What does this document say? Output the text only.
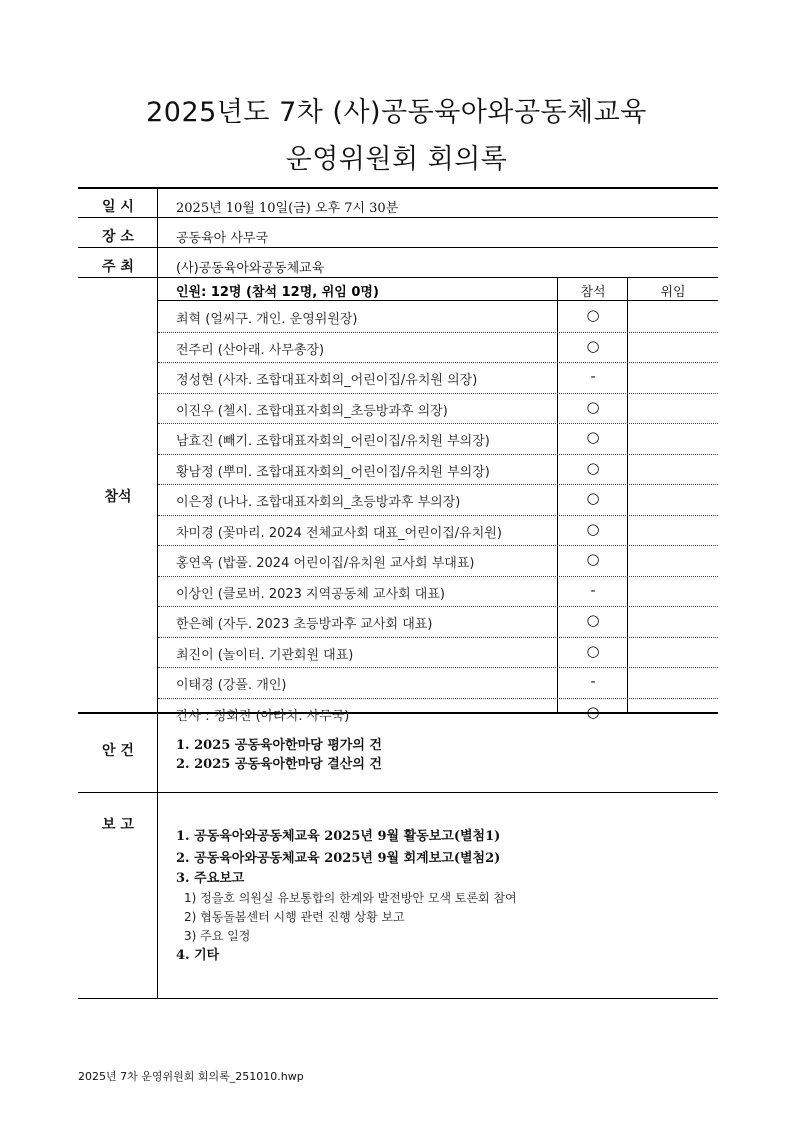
2025년도 7차 (사)공동육아와공동체교육
운영위원회 회의록
일 시	2025년 10월 10일(금) 오후 7시 30분
장 소	공동육아 사무국
주 최	(사)공동육아와공동체교육
참석
인원: 12명 (참석 12명, 위임 0명)	참석	위임
최혁 (얼씨구. 개인. 운영위원장)	○
전주리 (산아래. 사무총장)	○
정성현 (사자. 조합대표자회의_어린이집/유치원 의장)	-
이진우 (첼시. 조합대표자회의_초등방과후 의장)	○
남효진 (빼기. 조합대표자회의_어린이집/유치원 부의장)	○
황남정 (뿌미. 조합대표자회의_어린이집/유치원 부의장)	○
이은정 (나나. 조합대표자회의_초등방과후 부의장)	○
차미경 (꽃마리. 2024 전체교사회 대표_어린이집/유치원)	○
홍연옥 (밥풀. 2024 어린이집/유치원 교사회 부대표)	○
이상인 (클로버. 2023 지역공동체 교사회 대표)	-
한은혜 (자두. 2023 초등방과후 교사회 대표)	○
최진이 (놀이터. 기관회원 대표)	○
이태경 (강풀. 개인)	-
간사 : 정회진 (아라치. 사무국)	○
안 건	1. 2025 공동육아한마당 평가의 건
2. 2025 공동육아한마당 결산의 건
보 고
1. 공동육아와공동체교육 2025년 9월 활동보고(별첨1)
2. 공동육아와공동체교육 2025년 9월 회계보고(별첨2)
3. 주요보고
1) 정을호 의원실 유보통합의 한계와 발전방안 모색 토론회 참여
2) 협동돌봄센터 시행 관련 진행 상황 보고
3) 주요 일정
4. 기타
2025년 7차 운영위원회 회의록_251010.hwp
